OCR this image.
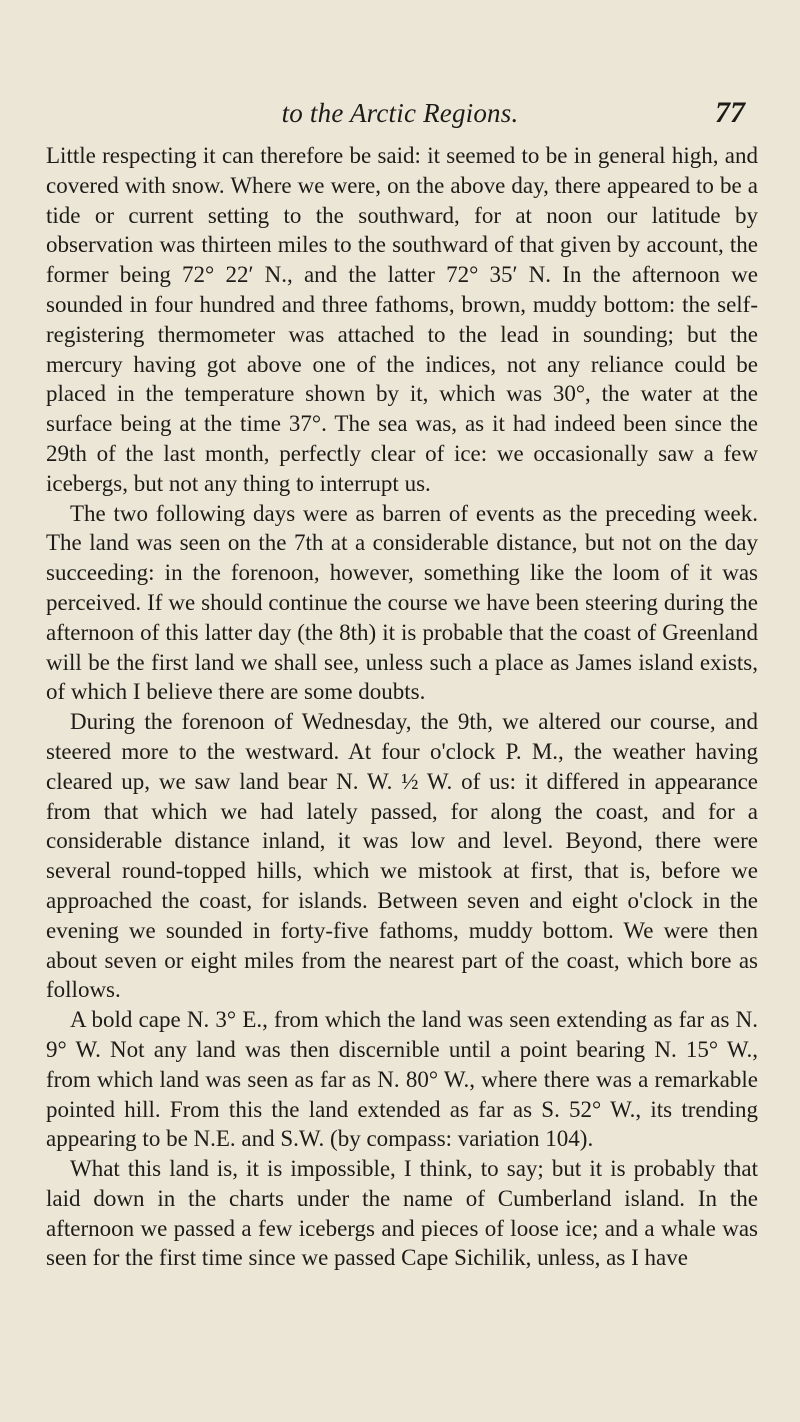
to the Arctic Regions.	77

Little respecting it can therefore be said: it seemed to be in general high, and covered with snow. Where we were, on the above day, there appeared to be a tide or current setting to the southward, for at noon our latitude by observation was thirteen miles to the southward of that given by account, the former being 72° 22′ N., and the latter 72° 35′ N. In the afternoon we sounded in four hundred and three fathoms, brown, muddy bottom: the self-registering thermometer was attached to the lead in sounding; but the mercury having got above one of the indices, not any reliance could be placed in the temperature shown by it, which was 30°, the water at the surface being at the time 37°. The sea was, as it had indeed been since the 29th of the last month, perfectly clear of ice: we occasionally saw a few icebergs, but not any thing to interrupt us.

The two following days were as barren of events as the preceding week. The land was seen on the 7th at a considerable distance, but not on the day succeeding: in the forenoon, however, something like the loom of it was perceived. If we should continue the course we have been steering during the afternoon of this latter day (the 8th) it is probable that the coast of Greenland will be the first land we shall see, unless such a place as James island exists, of which I believe there are some doubts.

During the forenoon of Wednesday, the 9th, we altered our course, and steered more to the westward. At four o'clock P. M., the weather having cleared up, we saw land bear N. W. ½ W. of us: it differed in appearance from that which we had lately passed, for along the coast, and for a considerable distance inland, it was low and level. Beyond, there were several round-topped hills, which we mistook at first, that is, before we approached the coast, for islands. Between seven and eight o'clock in the evening we sounded in forty-five fathoms, muddy bottom. We were then about seven or eight miles from the nearest part of the coast, which bore as follows.

A bold cape N. 3° E., from which the land was seen extending as far as N. 9° W. Not any land was then discernible until a point bearing N. 15° W., from which land was seen as far as N. 80° W., where there was a remarkable pointed hill. From this the land extended as far as S. 52° W., its trending appearing to be N.E. and S.W. (by compass: variation 104).

What this land is, it is impossible, I think, to say; but it is probably that laid down in the charts under the name of Cumberland island. In the afternoon we passed a few icebergs and pieces of loose ice; and a whale was seen for the first time since we passed Cape Sichilik, unless, as I have
